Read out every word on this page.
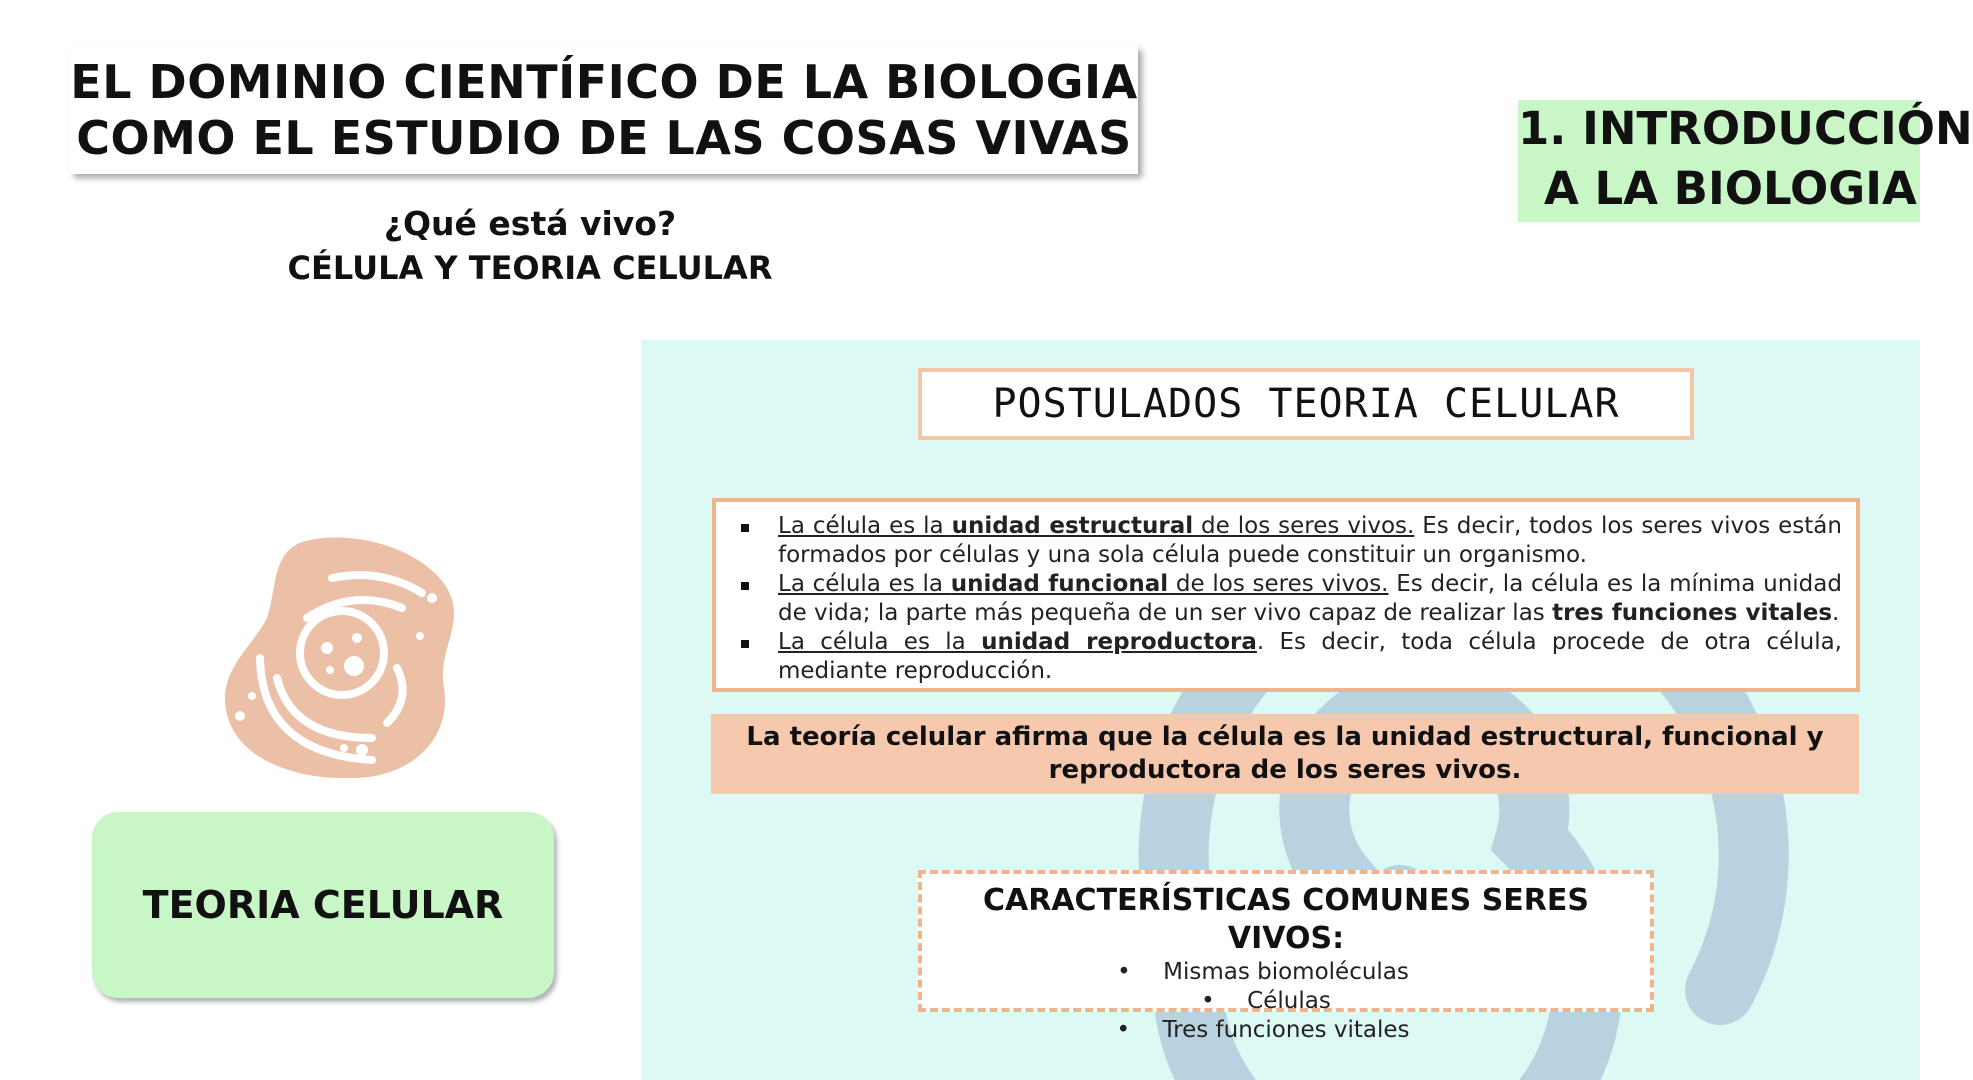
EL DOMINIO CIENTÍFICO DE LA BIOLOGIA
COMO EL ESTUDIO DE LAS COSAS VIVAS
¿Qué está vivo?
CÉLULA Y TEORIA CELULAR
1. INTRODUCCIÓN
A LA BIOLOGIA
POSTULADOS TEORIA CELULAR
La célula es la unidad estructural de los seres vivos. Es decir, todos los seres vivos están formados por células y una sola célula puede constituir un organismo.
La célula es la unidad funcional de los seres vivos. Es decir, la célula es la mínima unidad de vida; la parte más pequeña de un ser vivo capaz de realizar las tres funciones vitales.
La célula es la unidad reproductora. Es decir, toda célula procede de otra célula, mediante reproducción.
La teoría celular afirma que la célula es la unidad estructural, funcional y
reproductora de los seres vivos.
CARACTERÍSTICAS COMUNES SERES VIVOS:
• Mismas biomoléculas
• Células
• Tres funciones vitales
TEORIA CELULAR
